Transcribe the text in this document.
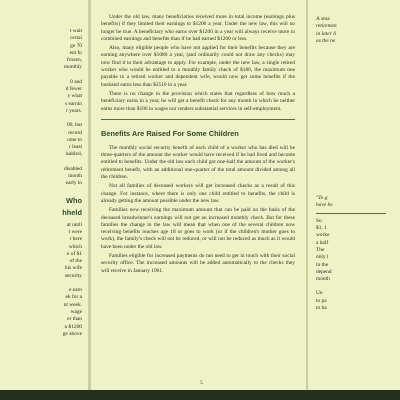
t wait
certai
ge 70
ent fo
frozen,
monthly
0 and
d fewer
y what
s earnin
r years.
00, but
record
ome to
r least
isabled,
disabled
month
early in
Who
hheld
at until
t were
r here
which
e of $1
of the
his wife
security
e earn
ek for a
nt week.
wage
er than
n $1200
ge above

Under the old law, many beneficiaries received more in total income (earnings plus benefits) if they limited their earnings to $1200 a year. Under the new law, this will no longer be true. A beneficiary who earns over $1200 in a year will always receive more in combined earnings and benefits than if he had earned $1200 or less.

Also, many eligible people who have not applied for their benefits because they are earning anywhere over $1080 a year, (and ordinarily could not draw any checks) may now find it to their advantage to apply. For example, under the new law, a single retired worker who would be entitled to a monthly family check of $180, the maximum one payable to a retired worker and dependent wife, would now get some benefits if the husband earns less than $3510 in a year.

There is no change in the provision which states that regardless of how much a beneficiary earns in a year, he will get a benefit check for any month in which he neither earns more than $100 in wages nor renders substantial services in self-employment.

Benefits Are Raised For Some Children

The monthly social security benefit of each child of a worker who has died will be three-quarters of the amount the worker would have received if he had lived and become entitled to benefits. Under the old law each child got one-half the amount of the worker's retirement benefit, with an additional one-quarter of the total amount divided among all the children.

Not all families of deceased workers will get increased checks as a result of this change. For instance, where there is only one child entitled to benefits, the child is already getting the amount possible under the new law.

Families now receiving the maximum amount that can be paid on the basis of the deceased breadwinner's earnings will not get an increased monthly check. But for these families the change in the law will mean that when one of the several children now receiving benefits reaches age 18 or goes to work (or if the children's mother goes to work), the family's check will not be reduced, or will not be reduced as much as it would have been under the old law.

Families eligible for increased payments do not need to get in touch with their social security office. The increased amounts will be added automatically to the checks they will receive in January 1961.

5
A sma
retiremen
in later li
as the ne
"To g
have be
Su
$1, 1
worke
a half
The
only l
in the
depend
month
Un
to pa
to ha
